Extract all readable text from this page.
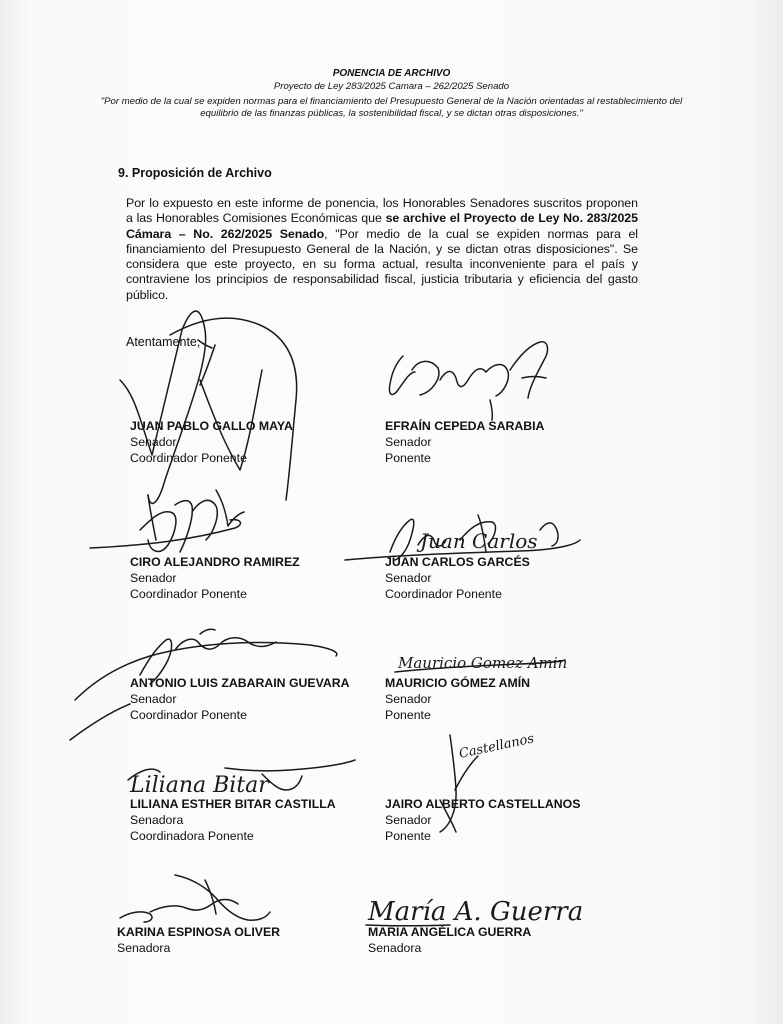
PONENCIA DE ARCHIVO
Proyecto de Ley 283/2025 Camara – 262/2025 Senado
"Por medio de la cual se expiden normas para el financiamiento del Presupuesto General de la Nación orientadas al restablecimiento del equilibrio de las finanzas públicas, la sostenibilidad fiscal, y se dictan otras disposiciones."
9. Proposición de Archivo
Por lo expuesto en este informe de ponencia, los Honorables Senadores suscritos proponen a las Honorables Comisiones Económicas que se archive el Proyecto de Ley No. 283/2025 Cámara – No. 262/2025 Senado, "Por medio de la cual se expiden normas para el financiamiento del Presupuesto General de la Nación, y se dictan otras disposiciones". Se considera que este proyecto, en su forma actual, resulta inconveniente para el país y contraviene los principios de responsabilidad fiscal, justicia tributaria y eficiencia del gasto público.
Atentamente,
JUAN PABLO GALLO MAYA
Senador
Coordinador Ponente
EFRAÍN CEPEDA SARABIA
Senador
Ponente
CIRO ALEJANDRO RAMIREZ
Senador
Coordinador Ponente
JUAN CARLOS GARCÉS
Senador
Coordinador Ponente
ANTONIO LUIS ZABARAIN GUEVARA
Senador
Coordinador Ponente
MAURICIO GÓMEZ AMÍN
Senador
Ponente
LILIANA ESTHER BITAR CASTILLA
Senadora
Coordinadora Ponente
JAIRO ALBERTO CASTELLANOS
Senador
Ponente
KARINA ESPINOSA OLIVER
Senadora
MARIA ANGÉLICA GUERRA
Senadora
Juan Carlos
Mauricio Gomez Amin
Liliana Bitar
Castellanos
María A. Guerra
